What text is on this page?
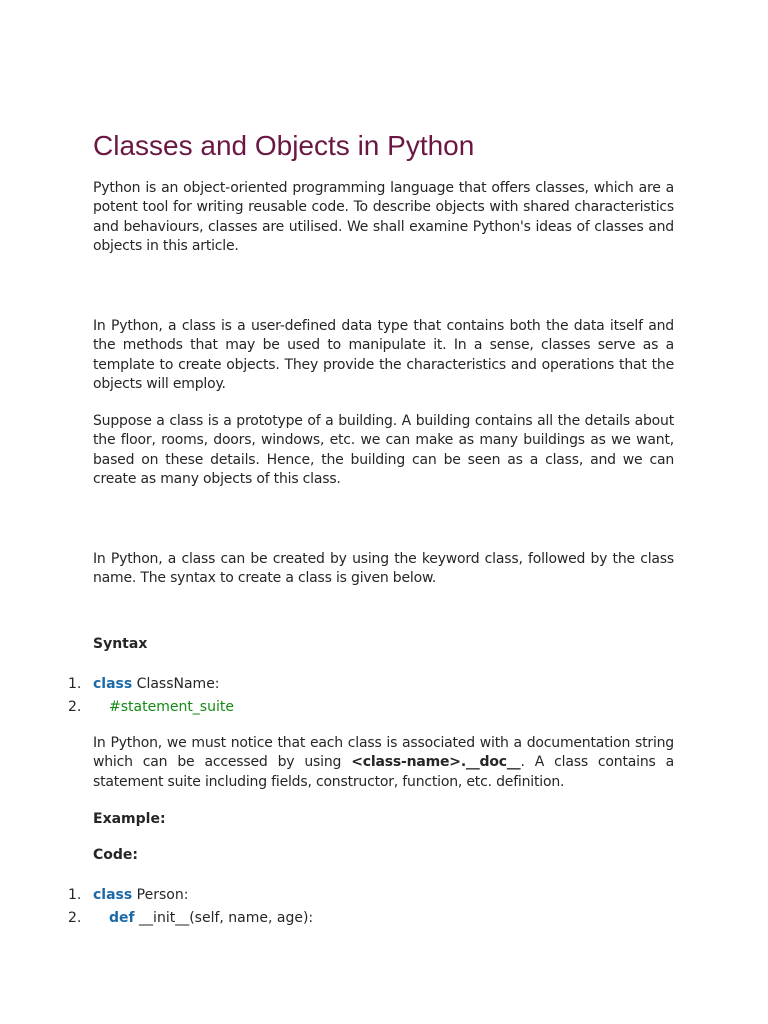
Classes and Objects in Python

Python is an object-oriented programming language that offers classes, which are a potent tool for writing reusable code. To describe objects with shared characteristics and behaviours, classes are utilised. We shall examine Python's ideas of classes and objects in this article.

In Python, a class is a user-defined data type that contains both the data itself and the methods that may be used to manipulate it. In a sense, classes serve as a template to create objects. They provide the characteristics and operations that the objects will employ.

Suppose a class is a prototype of a building. A building contains all the details about the floor, rooms, doors, windows, etc. we can make as many buildings as we want, based on these details. Hence, the building can be seen as a class, and we can create as many objects of this class.

In Python, a class can be created by using the keyword class, followed by the class name. The syntax to create a class is given below.

Syntax

1. class ClassName:
2.	#statement_suite

In Python, we must notice that each class is associated with a documentation string which can be accessed by using <class-name>.__doc__. A class contains a statement suite including fields, constructor, function, etc. definition.

Example:

Code:

1. class Person:
2.	def __init__(self, name, age):
